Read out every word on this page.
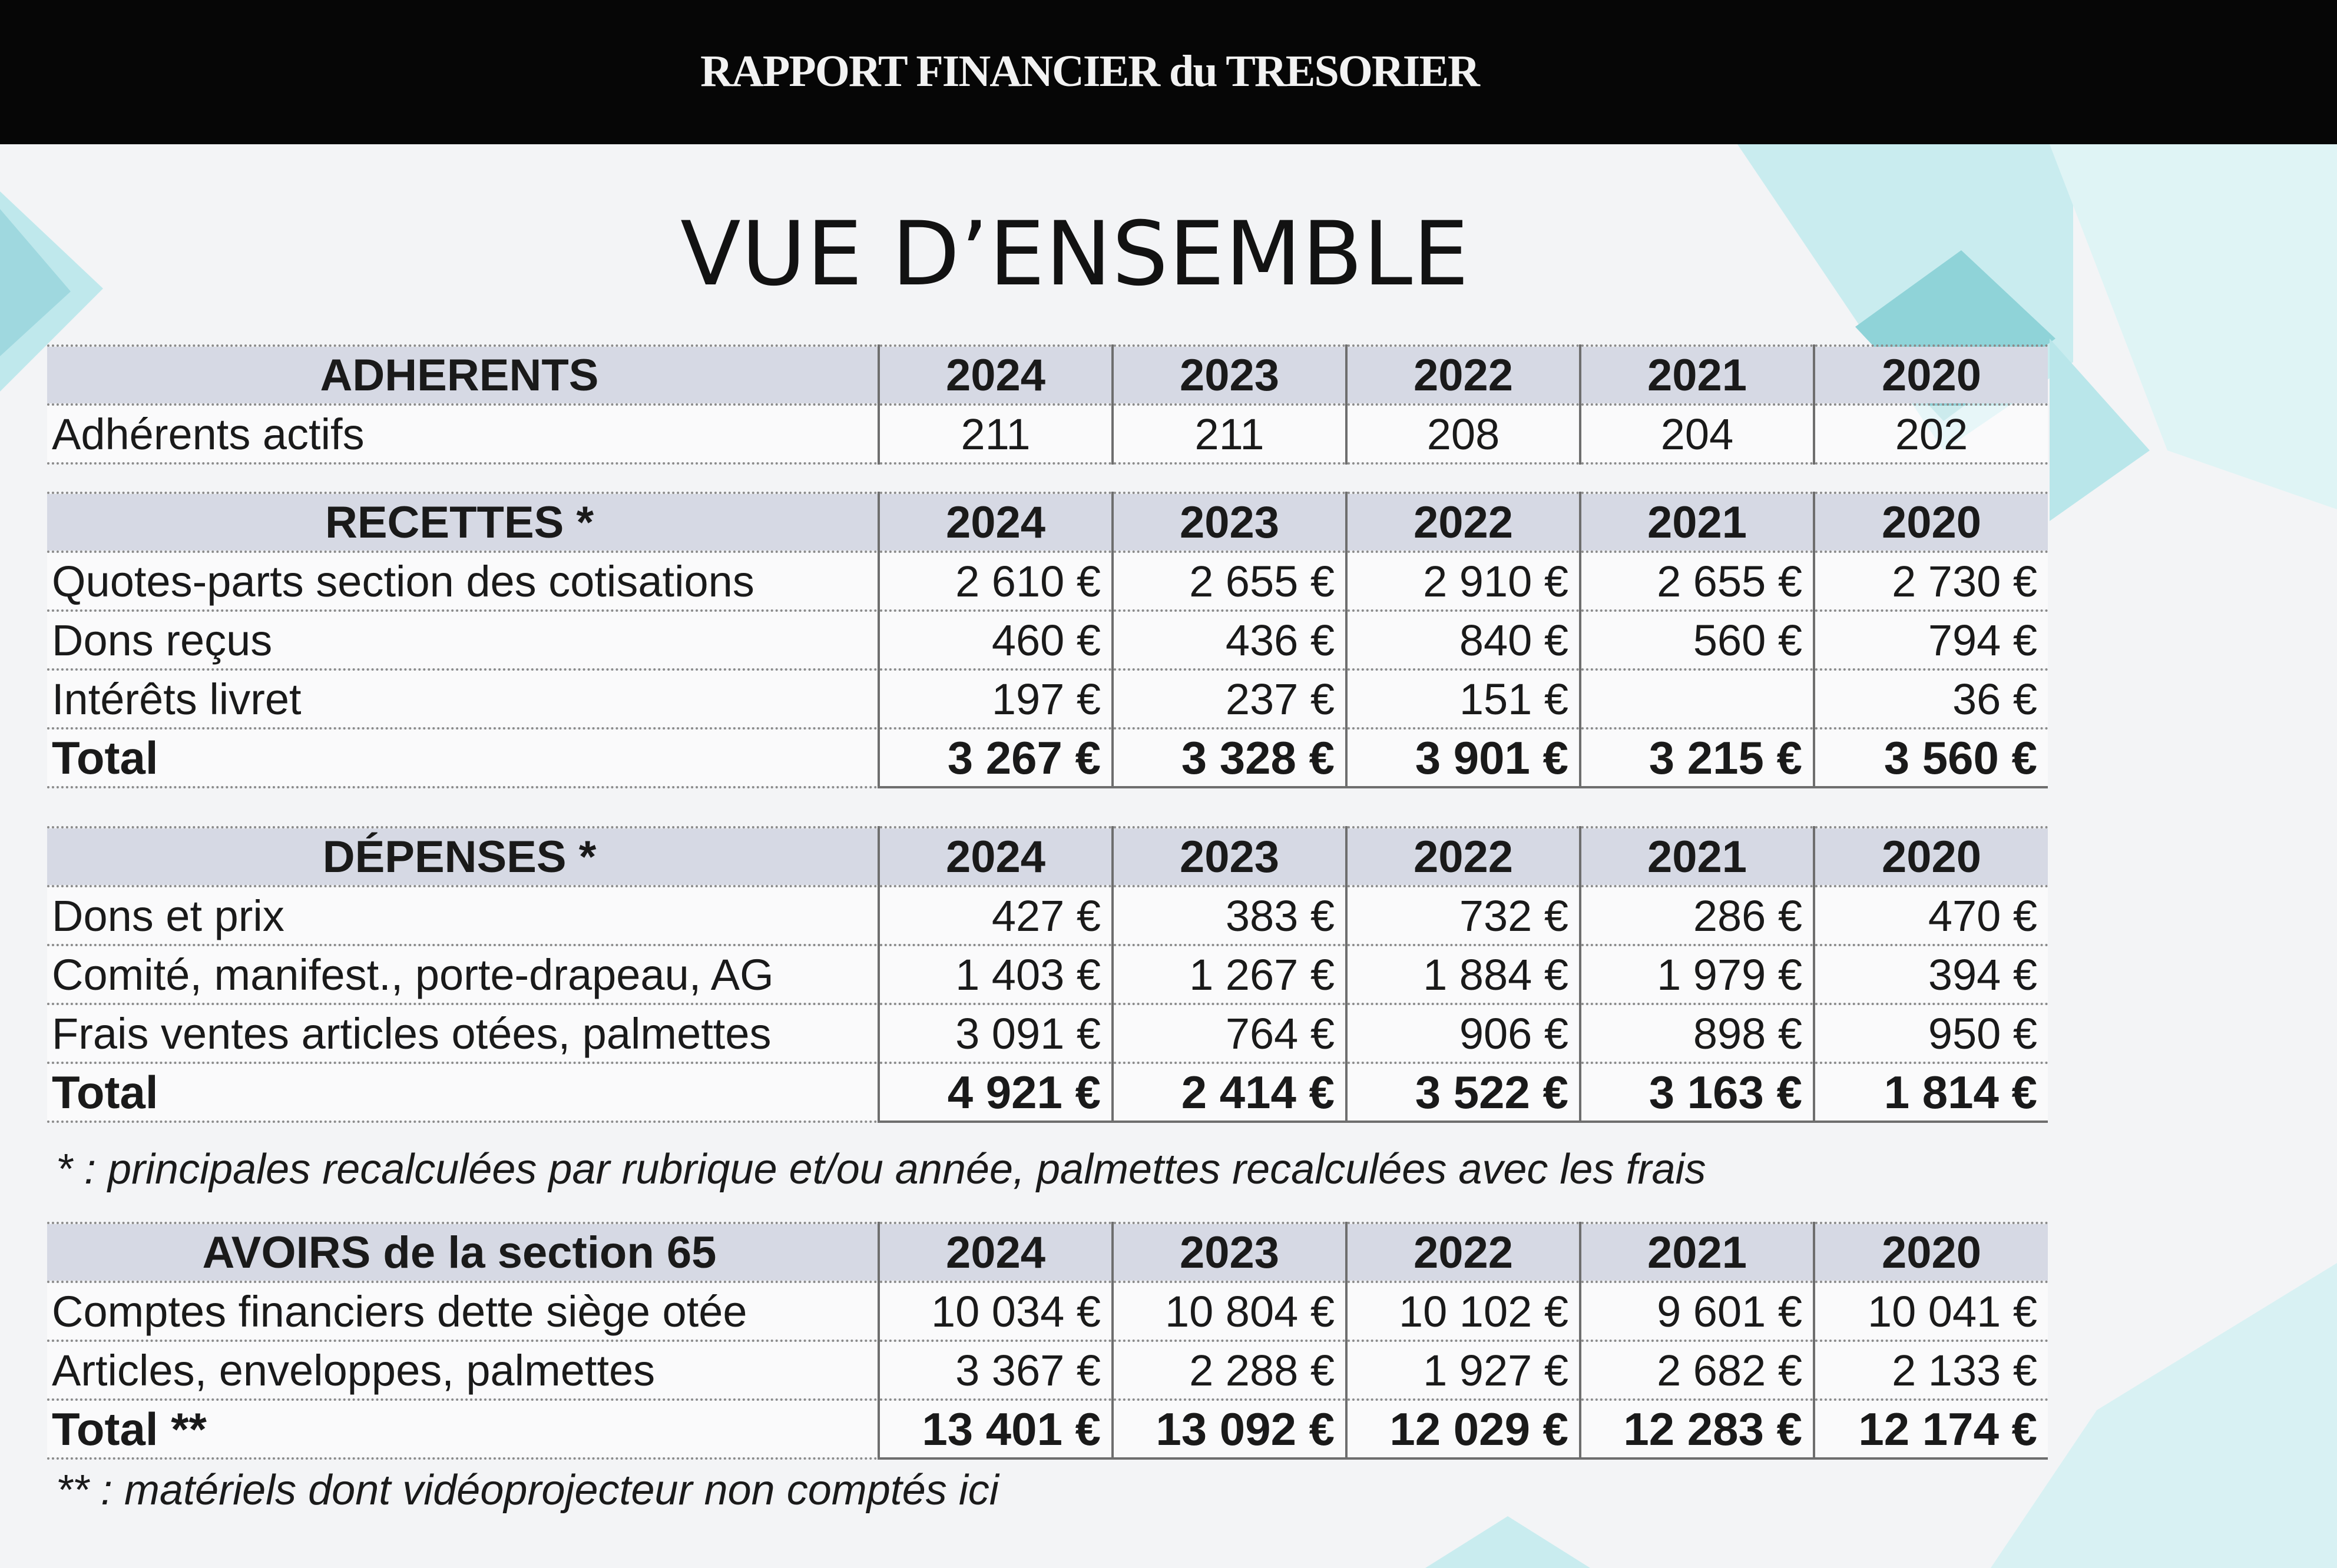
RAPPORT FINANCIER du TRESORIER
VUE D’ENSEMBLE
ADHERENTS	2024	2023	2022	2021	2020
Adhérents actifs	211	211	208	204	202
RECETTES *	2024	2023	2022	2021	2020
Quotes-parts section des cotisations	2 610 €	2 655 €	2 910 €	2 655 €	2 730 €
Dons reçus	460 €	436 €	840 €	560 €	794 €
Intérêts livret	197 €	237 €	151 €		36 €
Total	3 267 €	3 328 €	3 901 €	3 215 €	3 560 €
DÉPENSES *	2024	2023	2022	2021	2020
Dons et prix	427 €	383 €	732 €	286 €	470 €
Comité, manifest., porte-drapeau, AG	1 403 €	1 267 €	1 884 €	1 979 €	394 €
Frais ventes articles otées, palmettes	3 091 €	764 €	906 €	898 €	950 €
Total	4 921 €	2 414 €	3 522 €	3 163 €	1 814 €
* : principales recalculées par rubrique et/ou année, palmettes recalculées avec les frais
AVOIRS de la section 65	2024	2023	2022	2021	2020
Comptes financiers dette siège otée	10 034 €	10 804 €	10 102 €	9 601 €	10 041 €
Articles, enveloppes, palmettes	3 367 €	2 288 €	1 927 €	2 682 €	2 133 €
Total **	13 401 €	13 092 €	12 029 €	12 283 €	12 174 €
** : matériels dont vidéoprojecteur non comptés ici
